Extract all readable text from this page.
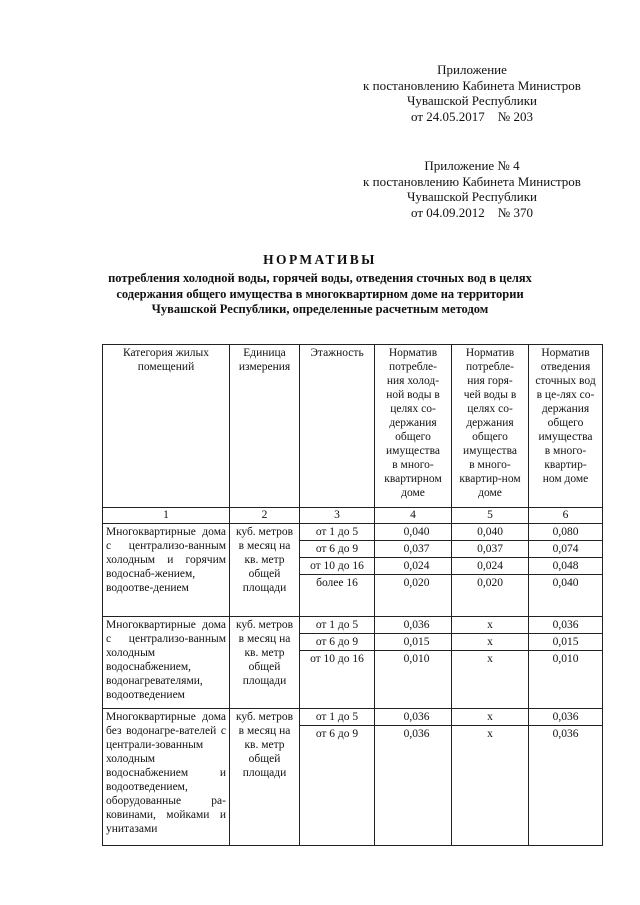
Приложение
к постановлению Кабинета Министров
Чувашской Республики
от 24.05.2017    № 203
Приложение № 4
к постановлению Кабинета Министров
Чувашской Республики
от 04.09.2012    № 370
НОРМАТИВЫ
потребления холодной воды, горячей воды, отведения сточных вод в целях
содержания общего имущества в многоквартирном доме на территории
Чувашской Республики, определенные расчетным методом
Категория жилых помещений	Единица измерения	Этажность	Норматив потребле-ния холод-ной воды в целях со-держания общего имущества в много-квартирном доме	Норматив потребле-ния горя-чей воды в целях со-держания общего имущества в много-квартир-ном доме	Норматив отведения сточных вод в це-лях со-держания общего имущества в много-квартир-ном доме
1	2	3	4	5	6
Многоквартирные дома с централизо-ванным холодным и горячим водоснаб-жением, водоотве-дением	куб. метров в месяц на кв. метр общей площади	от 1 до 5	0,040	0,040	0,080
		от 6 до 9	0,037	0,037	0,074
		от 10 до 16	0,024	0,024	0,048
		более 16	0,020	0,020	0,040
Многоквартирные дома с централизо-ванным холодным водоснабжением, водонагревателями, водоотведением	куб. метров в месяц на кв. метр общей площади	от 1 до 5	0,036	х	0,036
		от 6 до 9	0,015	х	0,015
		от 10 до 16	0,010	х	0,010
Многоквартирные дома без водонагре-вателей с централи-зованным холодным водоснабжением и водоотведением, оборудованные ра-ковинами, мойками и унитазами	куб. метров в месяц на кв. метр общей площади	от 1 до 5	0,036	х	0,036
		от 6 до 9	0,036	х	0,036
